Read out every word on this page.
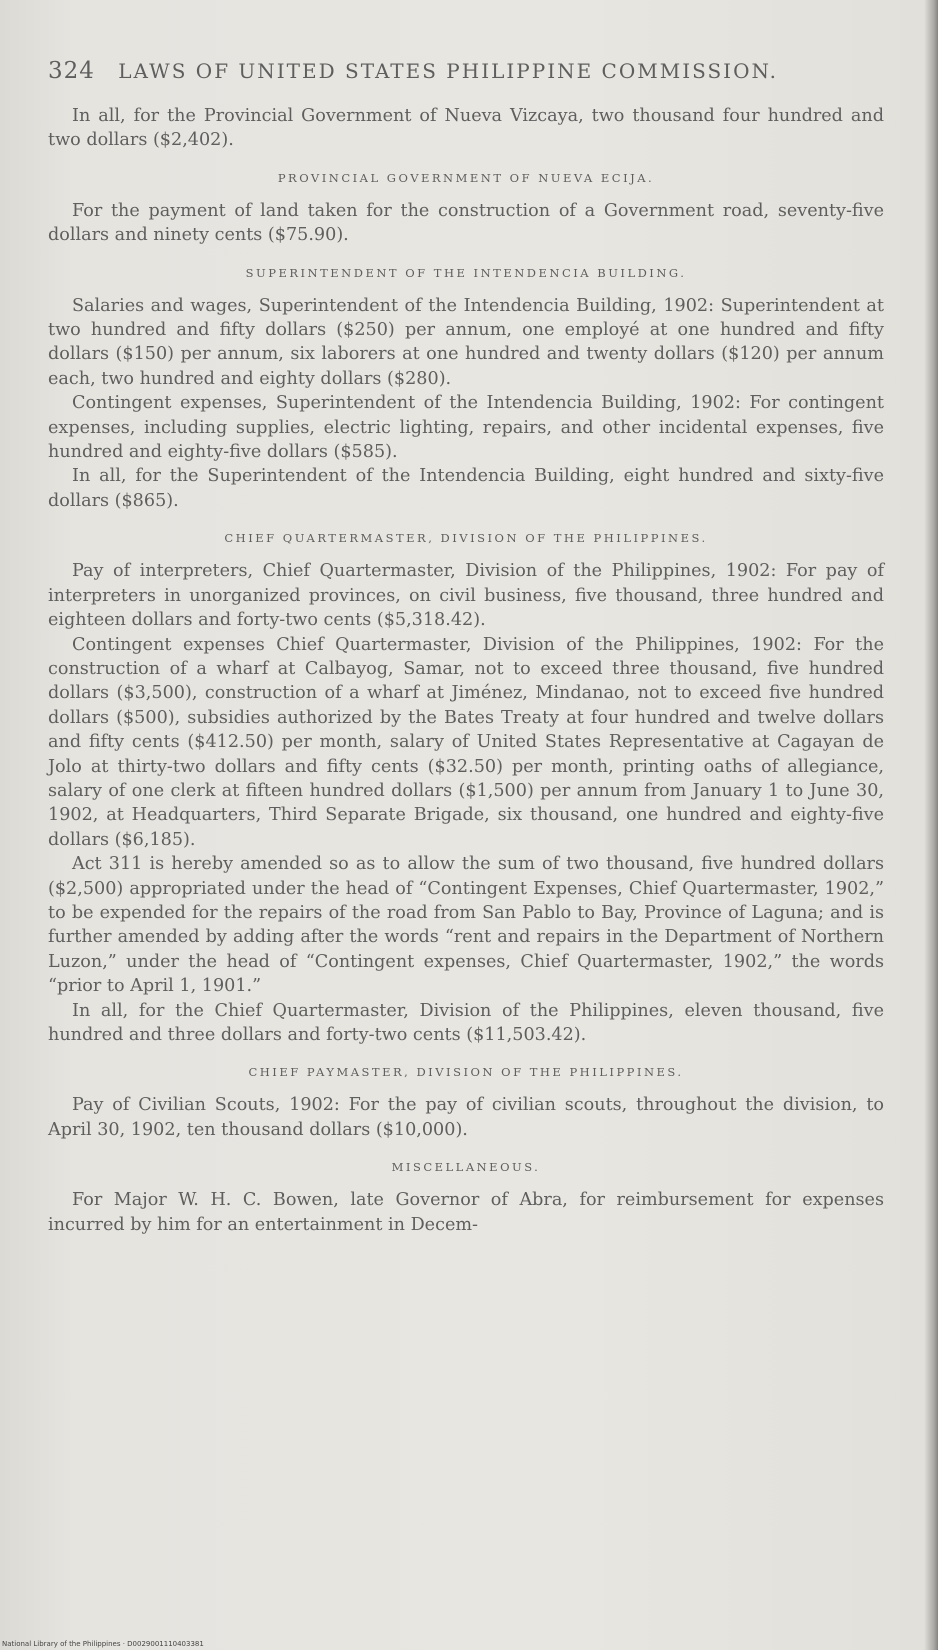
324 LAWS OF UNITED STATES PHILIPPINE COMMISSION.

In all, for the Provincial Government of Nueva Vizcaya, two thousand four hundred and two dollars ($2,402).

PROVINCIAL GOVERNMENT OF NUEVA ECIJA.

For the payment of land taken for the construction of a Government road, seventy-five dollars and ninety cents ($75.90).

SUPERINTENDENT OF THE INTENDENCIA BUILDING.

Salaries and wages, Superintendent of the Intendencia Building, 1902: Superintendent at two hundred and fifty dollars ($250) per annum, one employé at one hundred and fifty dollars ($150) per annum, six laborers at one hundred and twenty dollars ($120) per annum each, two hundred and eighty dollars ($280).

Contingent expenses, Superintendent of the Intendencia Building, 1902: For contingent expenses, including supplies, electric lighting, repairs, and other incidental expenses, five hundred and eighty-five dollars ($585).

In all, for the Superintendent of the Intendencia Building, eight hundred and sixty-five dollars ($865).

CHIEF QUARTERMASTER, DIVISION OF THE PHILIPPINES.

Pay of interpreters, Chief Quartermaster, Division of the Philippines, 1902: For pay of interpreters in unorganized provinces, on civil business, five thousand, three hundred and eighteen dollars and forty-two cents ($5,318.42).

Contingent expenses Chief Quartermaster, Division of the Philippines, 1902: For the construction of a wharf at Calbayog, Samar, not to exceed three thousand, five hundred dollars ($3,500), construction of a wharf at Jiménez, Mindanao, not to exceed five hundred dollars ($500), subsidies authorized by the Bates Treaty at four hundred and twelve dollars and fifty cents ($412.50) per month, salary of United States Representative at Cagayan de Jolo at thirty-two dollars and fifty cents ($32.50) per month, printing oaths of allegiance, salary of one clerk at fifteen hundred dollars ($1,500) per annum from January 1 to June 30, 1902, at Headquarters, Third Separate Brigade, six thousand, one hundred and eighty-five dollars ($6,185).

Act 311 is hereby amended so as to allow the sum of two thousand, five hundred dollars ($2,500) appropriated under the head of “Contingent Expenses, Chief Quartermaster, 1902,” to be expended for the repairs of the road from San Pablo to Bay, Province of Laguna; and is further amended by adding after the words “rent and repairs in the Department of Northern Luzon,” under the head of “Contingent expenses, Chief Quartermaster, 1902,” the words “prior to April 1, 1901.”

In all, for the Chief Quartermaster, Division of the Philippines, eleven thousand, five hundred and three dollars and forty-two cents ($11,503.42).

CHIEF PAYMASTER, DIVISION OF THE PHILIPPINES.

Pay of Civilian Scouts, 1902: For the pay of civilian scouts, throughout the division, to April 30, 1902, ten thousand dollars ($10,000).

MISCELLANEOUS.

For Major W. H. C. Bowen, late Governor of Abra, for reimbursement for expenses incurred by him for an entertainment in Decem-

National Library of the Philippines · D0029001110403381
